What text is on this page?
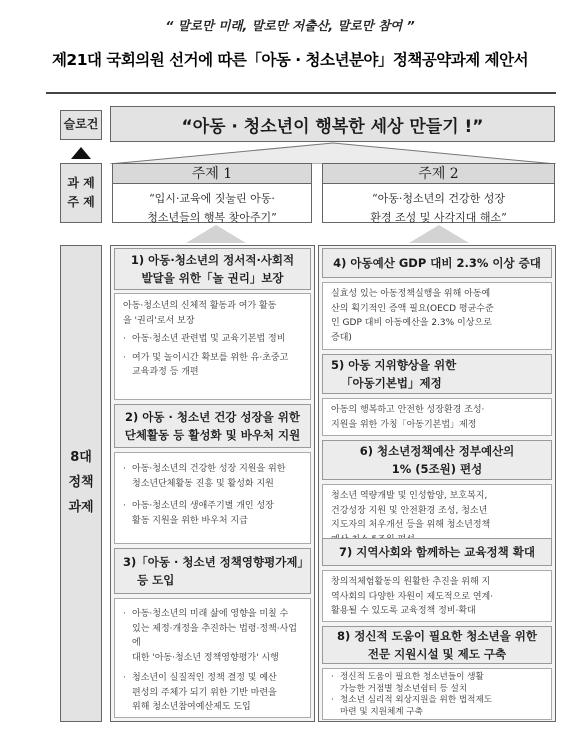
“ 말로만 미래, 말로만 저출산, 말로만 참여 ”
제21대 국회의원 선거에 따른「아동 · 청소년분야」정책공약과제 제안서
슬로건
과 제
주 제
8대
정책
과제
“아동 · 청소년이 행복한 세상 만들기 !”
주제 1
“입시·교육에 짓눌린 아동·
청소년들의 행복 찾아주기”
주제 2
“아동·청소년의 건강한 성장
환경 조성 및 사각지대 해소”
1) 아동·청소년의 정서적·사회적
발달을 위한「놀 권리」보장
아동·청소년의 신체적 활동과 여가 활동
을 '권리'로서 보장
· 아동·청소년 관련법 및 교육기본법 정비
· 여가 및 놀이시간 확보를 위한 유·초중고
교육과정 등 개편
2) 아동 · 청소년 건강 성장을 위한
단체활동 등 활성화 및 바우처 지원
· 아동·청소년의 건강한 성장 지원을 위한
청소년단체활동 진흥 및 활성화 지원
· 아동·청소년의 생애주기별 개인 성장
활동 지원을 위한 바우처 지급
3)「아동 · 청소년 정책영향평가제」
등 도입
· 아동·청소년의 미래 삶에 영향을 미칠 수
있는 제정·개정을 추진하는 법령·정책·사업에
대한 '아동·청소년 정책영향평가' 시행
· 청소년이 실질적인 정책 결정 및 예산
편성의 주체가 되기 위한 기반 마련을
위해 청소년참여예산제도 도입
4) 아동예산 GDP 대비 2.3% 이상 증대
실효성 있는 아동정책실행을 위해 아동예
산의 획기적인 증액 필요(OECD 평균수준
인 GDP 대비 아동예산을 2.3% 이상으로
증대)
5) 아동 지위향상을 위한
「아동기본법」제정
아동의 행복하고 안전한 성장환경 조성·
지원을 위한 가칭「아동기본법」제정
6) 청소년정책예산 정부예산의
1% (5조원) 편성
청소년 역량개발 및 인성함양, 보호복지,
건강성장 지원 및 안전환경 조성, 청소년
지도자의 처우개선 등을 위해 청소년정책
7) 지역사회와 함께하는 교육정책 확대
창의적체험활동의 원활한 추진을 위해 지
역사회의 다양한 자원이 제도적으로 연계·
활용될 수 있도록 교육정책 정비·확대
8) 정신적 도움이 필요한 청소년을 위한
전문 지원시설 및 제도 구축
· 정신적 도움이 필요한 청소년들이 생활
가능한 거점별 청소년쉼터 등 설치
· 청소년 심리적 외상지원을 위한 법적제도
마련 및 지원체계 구축
